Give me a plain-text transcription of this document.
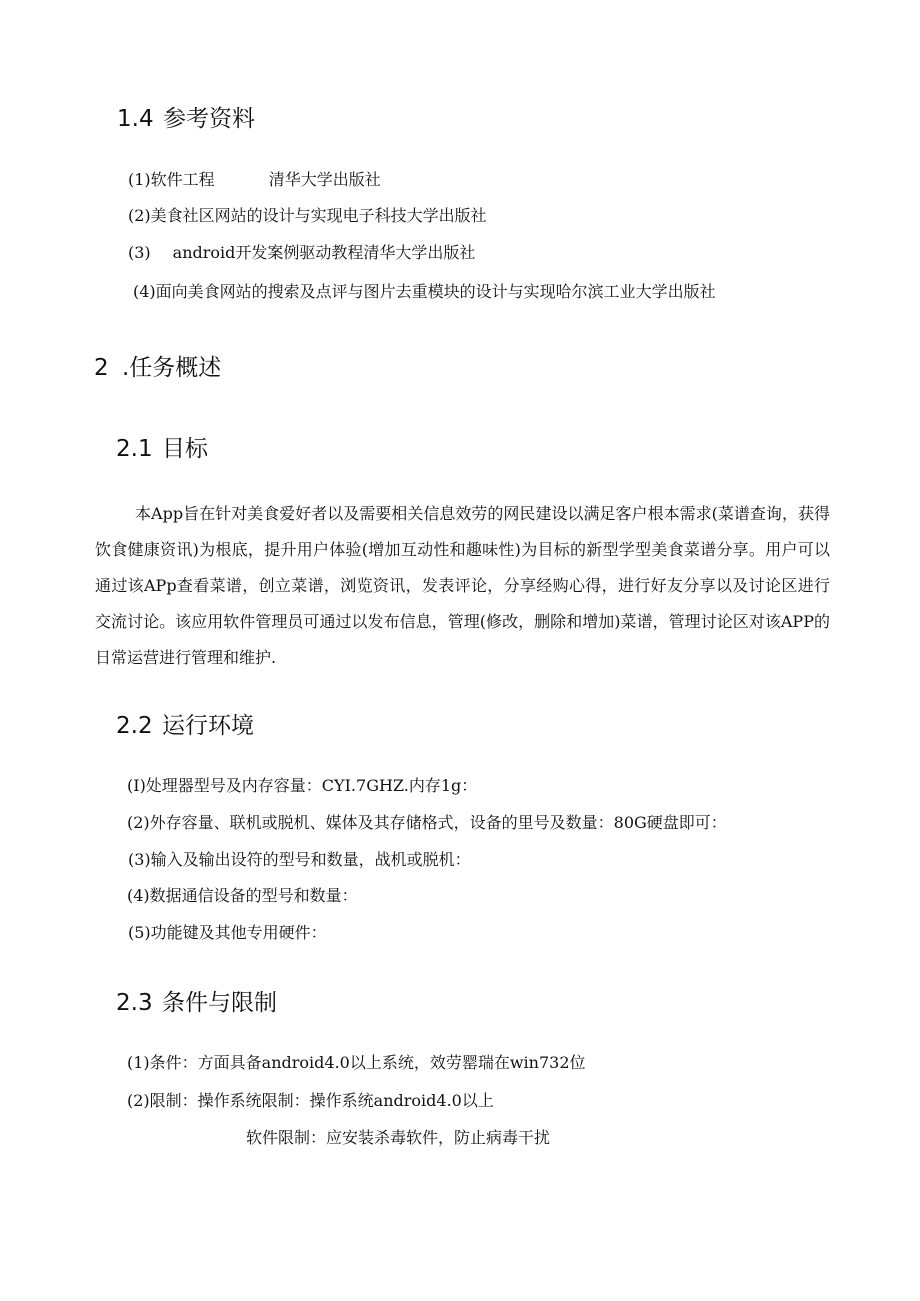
1.4 参考资料
(1)软件工程	清华大学出版社
(2)美食社区网站的设计与实现电子科技大学出版社
(3) android开发案例驱动教程清华大学出版社
(4)面向美食网站的搜索及点评与图片去重模块的设计与实现哈尔滨工业大学出版社
2 .任务概述
2.1 目标
本App旨在针对美食爱好者以及需要相关信息效劳的网民建设以满足客户根本需求(菜谱查询，获得饮食健康资讯)为根底，提升用户体验(增加互动性和趣味性)为目标的新型学型美食菜谱分享。用户可以通过该APp查看菜谱，创立菜谱，浏览资讯，发表评论，分享经购心得，进行好友分享以及讨论区进行交流讨论。该应用软件管理员可通过以发布信息，管理(修改，删除和增加)菜谱，管理讨论区对该APP的日常运营进行管理和维护.
2.2 运行环境
(I)处理器型号及内存容量：CYI.7GHZ.内存1g：
(2)外存容量、联机或脱机、媒体及其存储格式，设备的里号及数量：80G硬盘即可：
(3)输入及输出设符的型号和数量，战机或脱机：
(4)数据通信设备的型号和数量：
(5)功能键及其他专用硬件：
2.3 条件与限制
(1)条件：方面具备android4.0以上系统，效劳罂瑞在win732位
(2)限制：操作系统限制：操作系统android4.0以上
软件限制：应安装杀毒软件，防止病毒干扰
